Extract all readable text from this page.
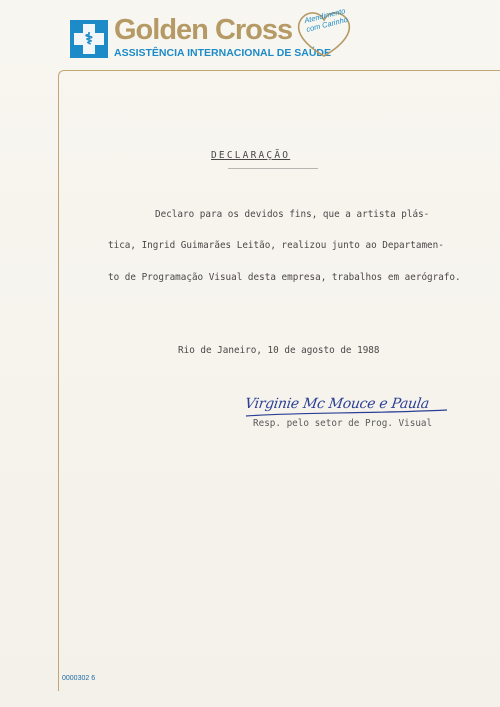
⚕ Golden Cross
ASSISTÊNCIA INTERNACIONAL DE SAÚDE
Atendimento com Carinho
DECLARAÇÃO
Declaro para os devidos fins, que a artista plás-
tica, Ingrid Guimarães Leitão, realizou junto ao Departamen-
to de Programação Visual desta empresa, trabalhos em aerógrafo.
Rio de Janeiro, 10 de agosto de 1988
Virginie Mc Mouce e Paula
Resp. pelo setor de Prog. Visual
0000302 6
